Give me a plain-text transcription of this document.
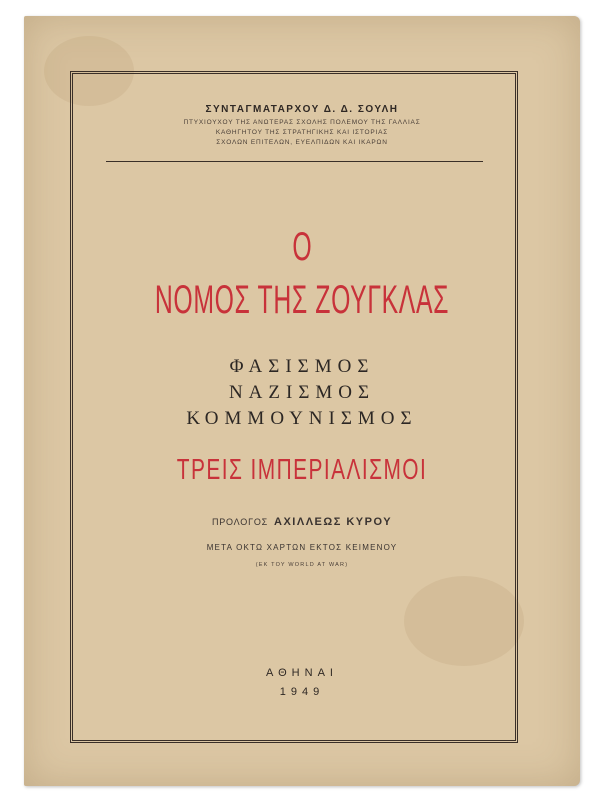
ΣΥΝΤΑΓΜΑΤΑΡΧΟΥ Δ. Δ. ΣΟΥΛΗ
ΠΤΥΧΙΟΥΧΟΥ ΤΗΣ ΑΝΩΤΕΡΑΣ ΣΧΟΛΗΣ ΠΟΛΕΜΟΥ ΤΗΣ ΓΑΛΛΙΑΣ
ΚΑΘΗΓΗΤΟΥ ΤΗΣ ΣΤΡΑΤΗΓΙΚΗΣ ΚΑΙ ΙΣΤΟΡΙΑΣ
ΣΧΟΛΩΝ ΕΠΙΤΕΛΩΝ, ΕΥΕΛΠΙΔΩΝ ΚΑΙ ΙΚΑΡΩΝ
Ο
ΝΟΜΟΣ ΤΗΣ ΖΟΥΓΚΛΑΣ
ΦΑΣΙΣΜΟΣ
ΝΑΖΙΣΜΟΣ
ΚΟΜΜΟΥΝΙΣΜΟΣ
ΤΡΕΙΣ ΙΜΠΕΡΙΑΛΙΣΜΟΙ
ΠΡΟΛΟΓΟΣ ΑΧΙΛΛΕΩΣ ΚΥΡΟΥ
ΜΕΤΑ ΟΚΤΩ ΧΑΡΤΩΝ ΕΚΤΟΣ ΚΕΙΜΕΝΟΥ
(ΕΚ ΤΟΥ WORLD AT WAR)
ΑΘΗΝΑΙ
1949
